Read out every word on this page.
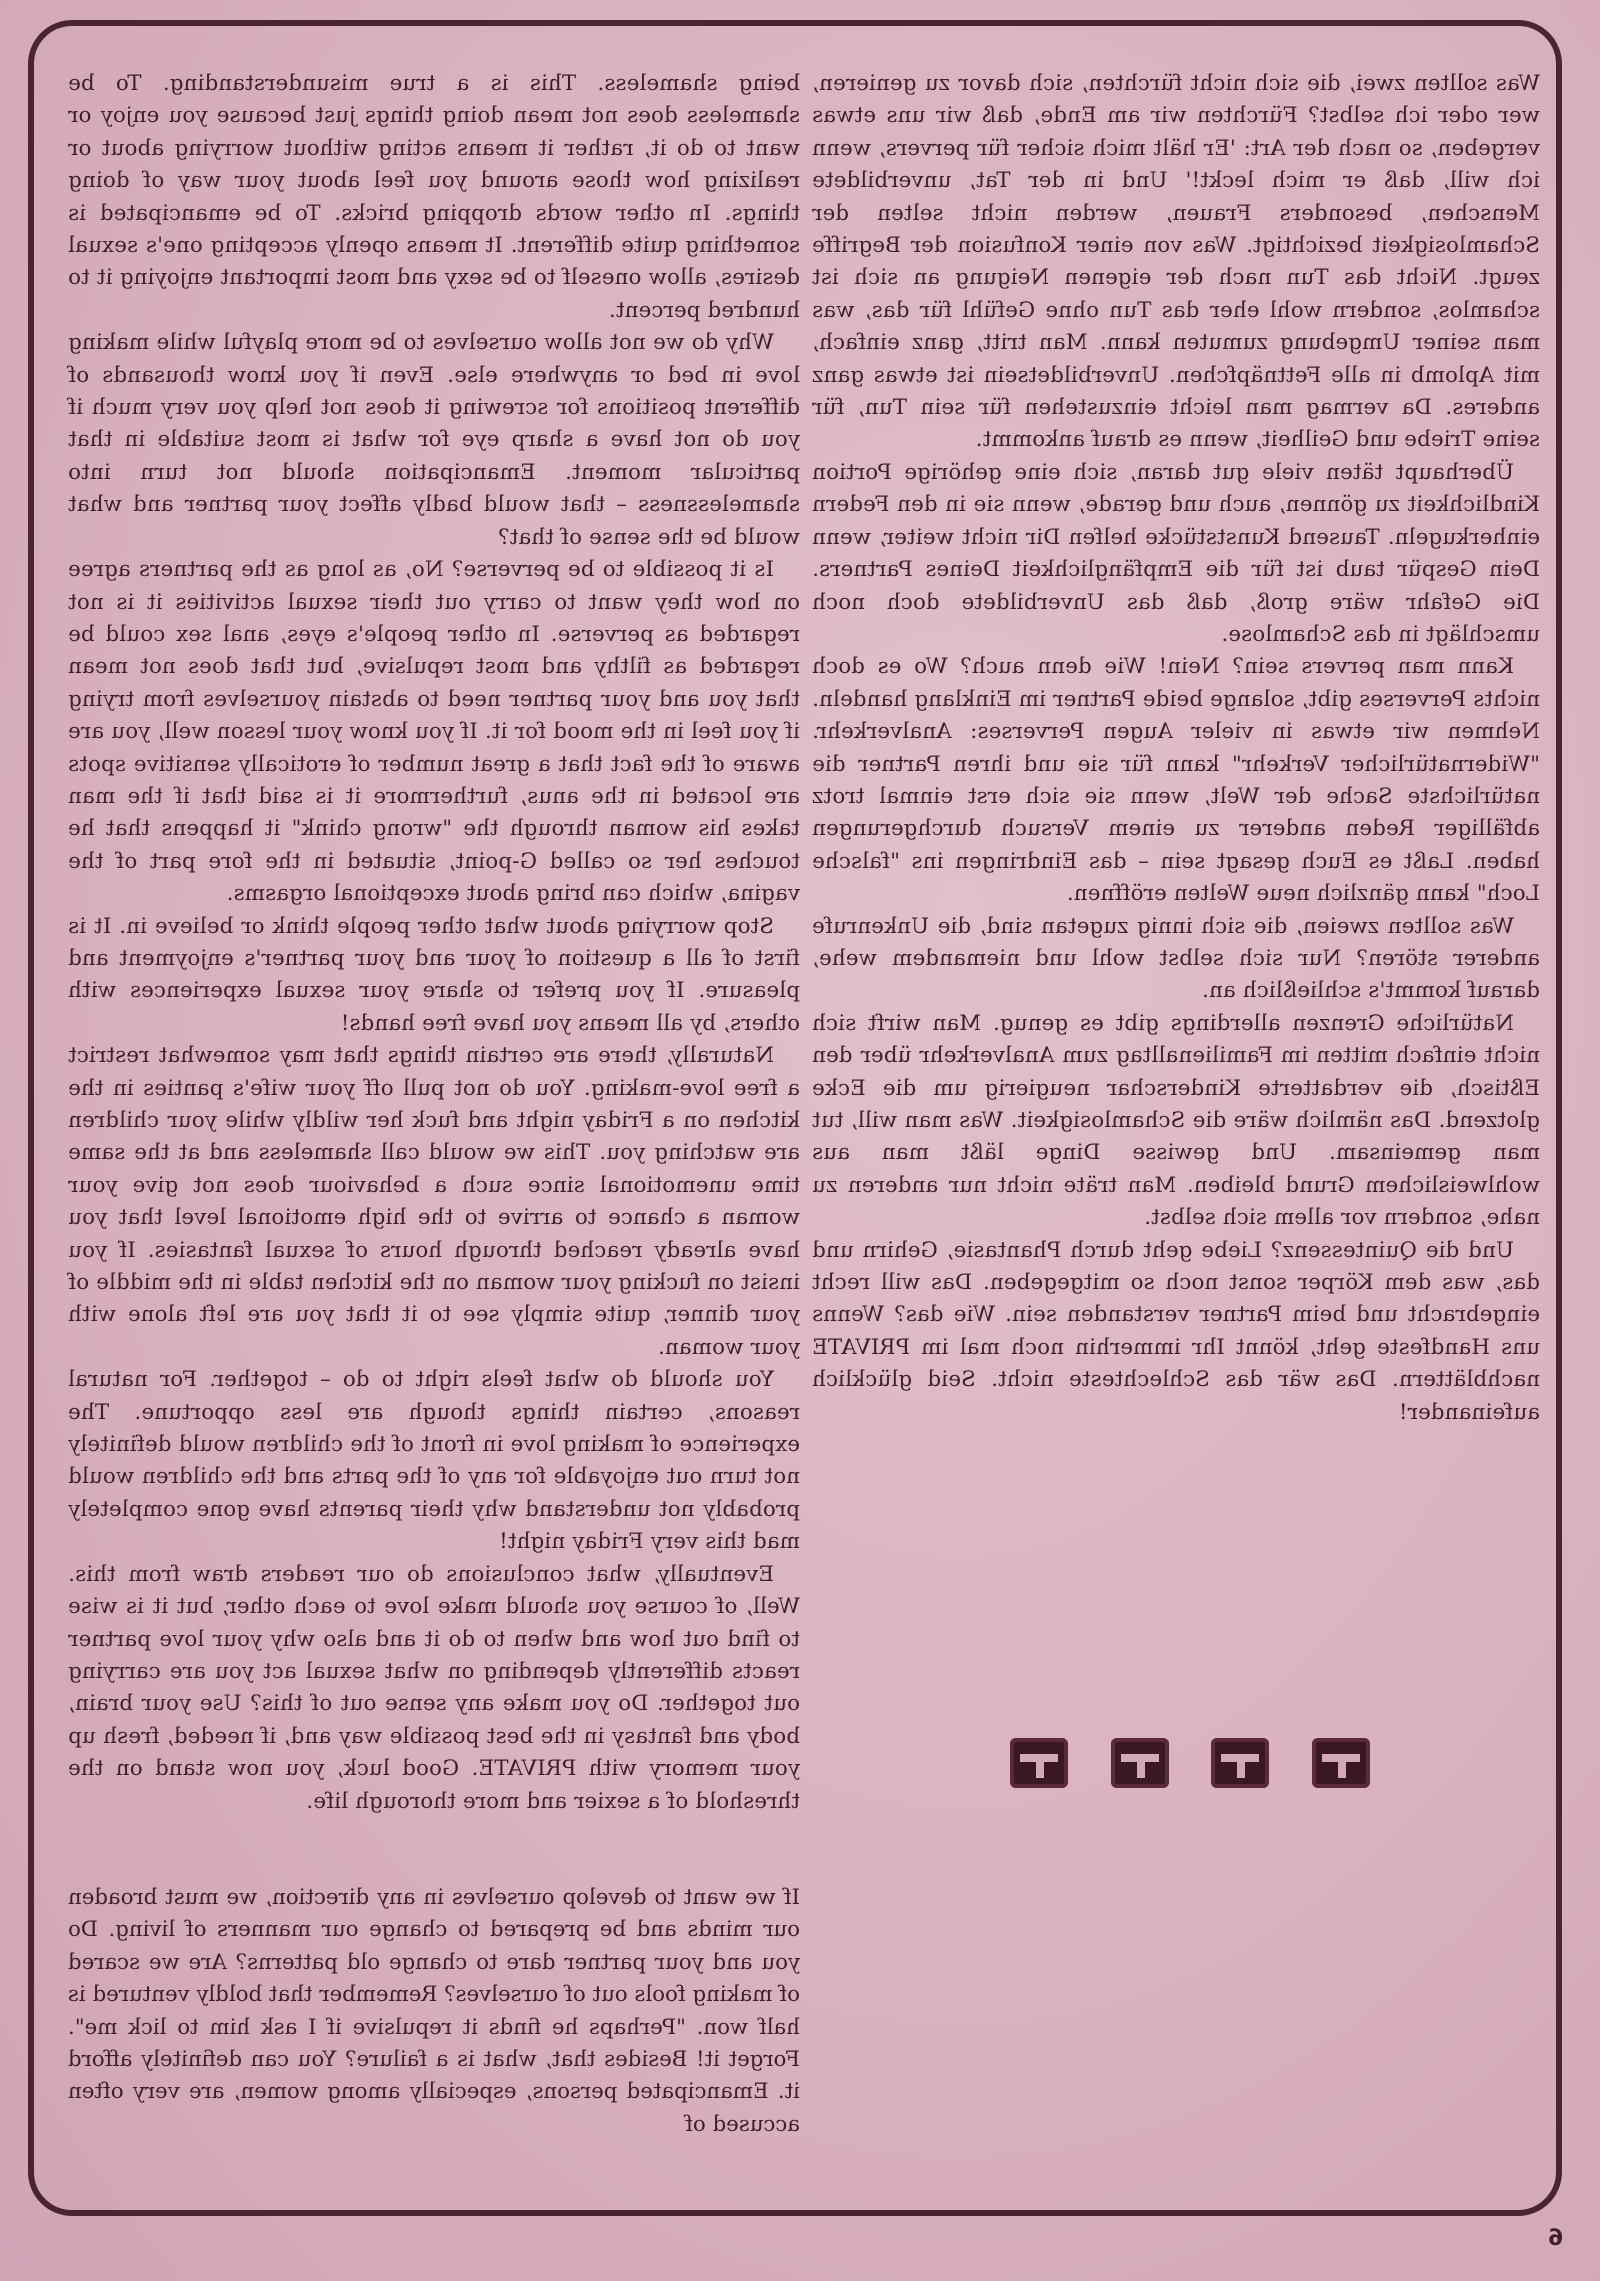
Was sollten zwei, die sich nicht fürchten, sich davor zu genieren, wer oder ich selbst? Fürchten wir am Ende, daß wir uns etwas vergeben, so nach der Art: 'Er hält mich sicher für pervers, wenn ich will, daß er mich leckt!' Und in der Tat, unverbildete Menschen, besonders Frauen, werden nicht selten der Schamlosigkeit bezichtigt. Was von einer Konfusion der Begriffe zeugt. Nicht das Tun nach der eigenen Neigung an sich ist schamlos, sondern wohl eher das Tun ohne Gefühl für das, was man seiner Umgebung zumuten kann. Man tritt, ganz einfach, mit Aplomb in alle Fettnäpfchen. Unverbildetsein ist etwas ganz anderes. Da vermag man leicht einzustehen für sein Tun, für seine Triebe und Geilheit, wenn es drauf ankommt.

Überhaupt täten viele gut daran, sich eine gehörige Portion Kindlichkeit zu gönnen, auch und gerade, wenn sie in den Federn einherkugeln. Tausend Kunststücke helfen Dir nicht weiter, wenn Dein Gespür taub ist für die Empfänglichkeit Deines Partners. Die Gefahr wäre groß, daß das Unverbildete doch noch umschlägt in das Schamlose.

Kann man pervers sein? Nein! Wie denn auch? Wo es doch nichts Perverses gibt, solange beide Partner im Einklang handeln. Nehmen wir etwas in vieler Augen Perverses: Analverkehr. "Widernatürlicher Verkehr" kann für sie und ihren Partner die natürlichste Sache der Welt, wenn sie sich erst einmal trotz abfälliger Reden anderer zu einem Versuch durchgerungen haben. Laßt es Euch gesagt sein – das Eindringen ins "falsche Loch" kann gänzlich neue Welten eröffnen.

Was sollten zweien, die sich innig zugetan sind, die Unkenrufe anderer stören? Nur sich selbst wohl und niemandem wehe, darauf kommt's schließlich an.

Natürliche Grenzen allerdings gibt es genug. Man wirft sich nicht einfach mitten im Familienalltag zum Analverkehr über den Eßtisch, die verdatterte Kinderschar neugierig um die Ecke glotzend. Das nämlich wäre die Schamlosigkeit. Was man will, tut man gemeinsam. Und gewisse Dinge läßt man aus wohlweislichem Grund bleiben. Man träte nicht nur anderen zu nahe, sondern vor allem sich selbst.

Und die Quintessenz? Liebe geht durch Phantasie, Gehirn und das, was dem Körper sonst noch so mitgegeben. Das will recht eingebracht und beim Partner verstanden sein. Wie das? Wenns uns Handfeste geht, könnt Ihr immerhin noch mal im PRIVATE nachblättern. Das wär das Schlechteste nicht. Seid glücklich aufeinander!

being shameless. This is a true misunderstanding. To be shameless does not mean doing things just because you enjoy or want to do it, rather it means acting without worrying about or realizing how those around you feel about your way of doing things. In other words dropping bricks. To be emancipated is something quite different. It means openly accepting one's sexual desires, allow oneself to be sexy and most important enjoying it to hundred percent.

Why do we not allow ourselves to be more playful while making love in bed or anywhere else. Even if you know thousands of different positions for screwing it does not help you very much if you do not have a sharp eye for what is most suitable in that particular moment. Emancipation should not turn into shamelessness – that would badly affect your partner and what would be the sense of that?

Is it possible to be perverse? No, as long as the partners agree on how they want to carry out their sexual activities it is not regarded as perverse. In other people's eyes, anal sex could be regarded as filthy and most repulsive, but that does not mean that you and your partner need to abstain yourselves from trying if you feel in the mood for it. If you know your lesson well, you are aware of the fact that a great number of erotically sensitive spots are located in the anus, furthermore it is said that if the man takes his woman through the "wrong chink" it happens that he touches her so called G-point, situated in the fore part of the vagina, which can bring about exceptional orgasms.

Stop worrying about what other people think or believe in. It is first of all a question of your and your partner's enjoyment and pleasure. If you prefer to share your sexual experiences with others, by all means you have free hands!

Naturally, there are certain things that may somewhat restrict a free love-making. You do not pull off your wife's panties in the kitchen on a Friday night and fuck her wildly while your children are watching you. This we would call shameless and at the same time unemotional since such a behaviour does not give your woman a chance to arrive to the high emotional level that you have already reached through hours of sexual fantasies. If you insist on fucking your woman on the kitchen table in the middle of your dinner, quite simply see to it that you are left alone with your woman.

You should do what feels right to do – together. For natural reasons, certain things though are less opportune. The experience of making love in front of the children would definitely not turn out enjoyable for any of the parts and the children would probably not understand why their parents have gone completely mad this very Friday night!

Eventually, what conclusions do our readers draw from this. Well, of course you should make love to each other, but it is wise to find out how and when to do it and also why your love partner reacts differently depending on what sexual act you are carrying out together. Do you make any sense out of this? Use your brain, body and fantasy in the best possible way and, if needed, fresh up your memory with PRIVATE. Good luck, you now stand on the threshold of a sexier and more thorough life.

If we want to develop ourselves in any direction, we must broaden our minds and be prepared to change our manners of living. Do you and your partner dare to change old patterns? Are we scared of making fools out of ourselves? Remember that boldly ventured is half won. "Perhaps he finds it repulsive if I ask him to lick me". Forget it! Besides that, what is a failure? You can definitely afford it. Emancipated persons, especially among women, are very often accused of

6
